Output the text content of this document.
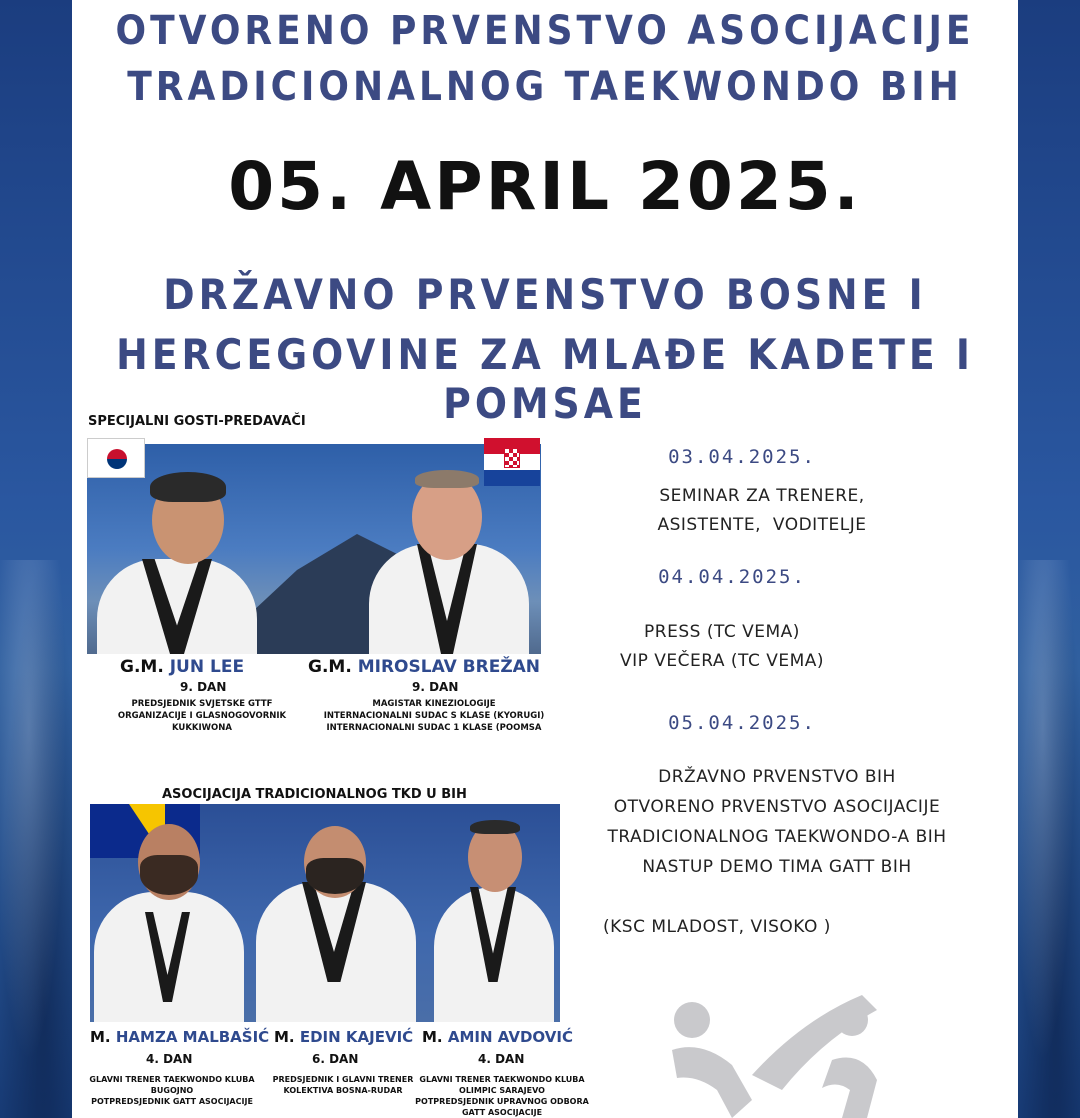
OTVORENO PRVENSTVO ASOCIJACIJE
TRADICIONALNOG TAEKWONDO BIH
05. APRIL 2025.
DRŽAVNO PRVENSTVO BOSNE I
HERCEGOVINE ZA MLAĐE KADETE I POMSAE
SPECIJALNI GOSTI-PREDAVAČI
G.M. JUN LEE
9. DAN
PREDSJEDNIK SVJETSKE GTTF
ORGANIZACIJE I GLASNOGOVORNIK
KUKKIWONA
G.M. MIROSLAV BREŽAN
9. DAN
MAGISTAR KINEZIOLOGIJE
INTERNACIONALNI SUDAC S KLASE (KYORUGI)
INTERNACIONALNI SUDAC 1 KLASE (POOMSA
ASOCIJACIJA TRADICIONALNOG TKD U BIH
M. HAMZA MALBAŠIĆ
4. DAN
GLAVNI TRENER TAEKWONDO KLUBA
BUGOJNO
POTPREDSJEDNIK GATT ASOCIJACIJE
M. EDIN KAJEVIĆ
6. DAN
PREDSJEDNIK I GLAVNI TRENER
KOLEKTIVA BOSNA-RUDAR
M. AMIN AVDOVIĆ
4. DAN
GLAVNI TRENER TAEKWONDO KLUBA
OLIMPIC SARAJEVO
POTPREDSJEDNIK UPRAVNOG ODBORA
GATT ASOCIJACIJE
03.04.2025.
SEMINAR ZA TRENERE,
ASISTENTE,  VODITELJE
04.04.2025.
PRESS (TC VEMA)
VIP VEČERA (TC VEMA)
05.04.2025.
DRŽAVNO PRVENSTVO BIH
OTVORENO PRVENSTVO ASOCIJACIJE
TRADICIONALNOG TAEKWONDO-A BIH
NASTUP DEMO TIMA GATT BIH
(KSC MLADOST, VISOKO )
